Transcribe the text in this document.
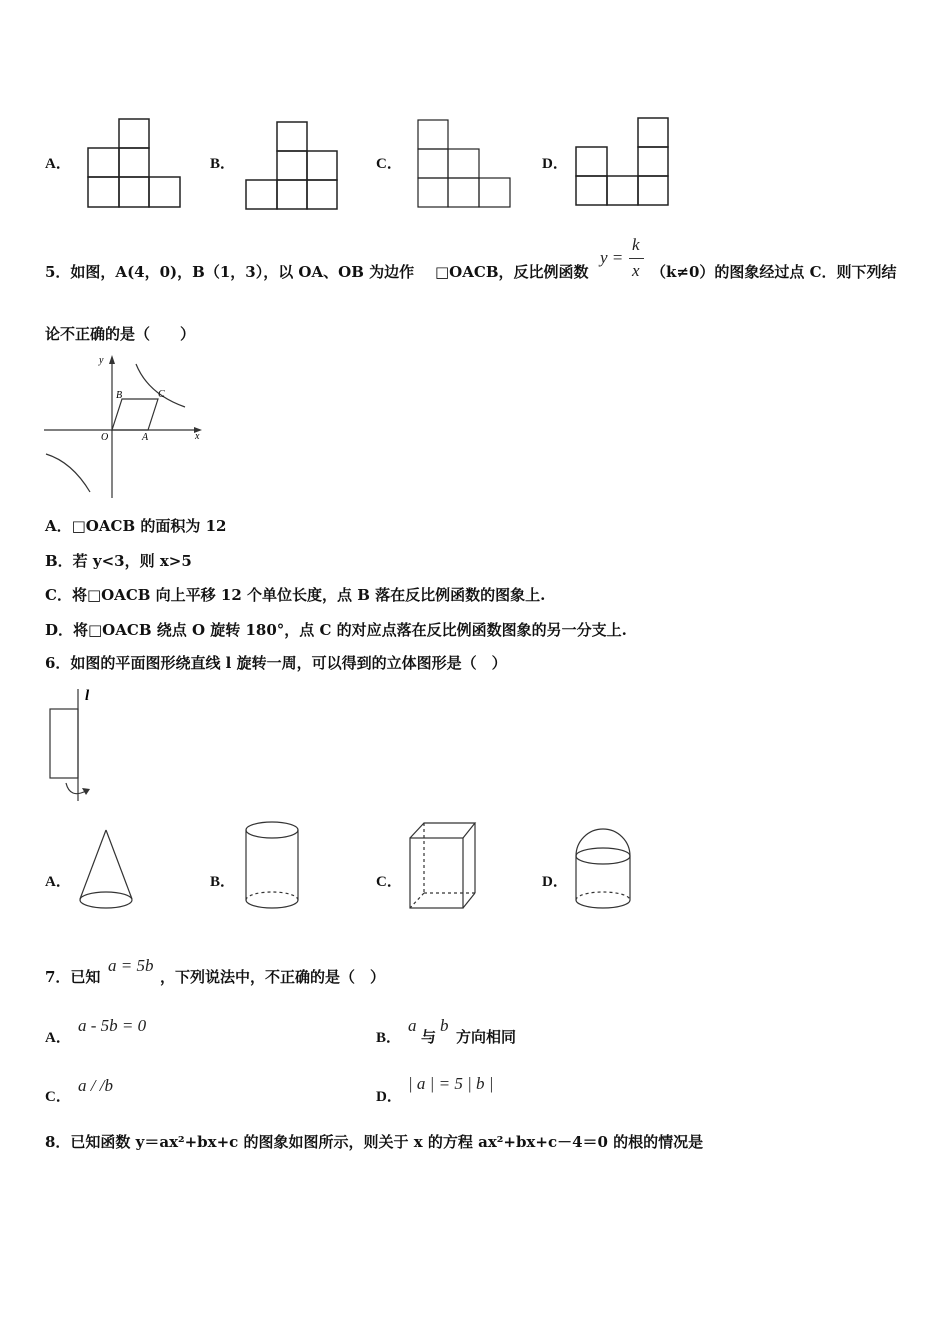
A．	B．	C．	D．
5．如图，A(4，0)，B（1，3），以 OA、OB 为边作 □OACB，反比例函数
y =
k
x （k≠0）的图象经过点 C．则下列结
论不正确的是（　　）
y
x
O	A
B	C
A．□OACB 的面积为 12
B．若 y<3，则 x>5
C．将□OACB 向上平移 12 个单位长度，点 B 落在反比例函数的图象上.
D．将□OACB 绕点 O 旋转 180°，点 C 的对应点落在反比例函数图象的另一分支上.
6．如图的平面图形绕直线 l 旋转一周，可以得到的立体图形是（　）
l
A．	B．	C．	D．
7．已知
a = 5b
，下列说法中，不正确的是（　）
A．
a - 5b = 0
B．
a
与
b
方向相同
C．
a / /b
D．
| a | = 5 | b |
8．已知函数 y＝ax²+bx+c 的图象如图所示，则关于 x 的方程 ax²+bx+c－4＝0 的根的情况是
